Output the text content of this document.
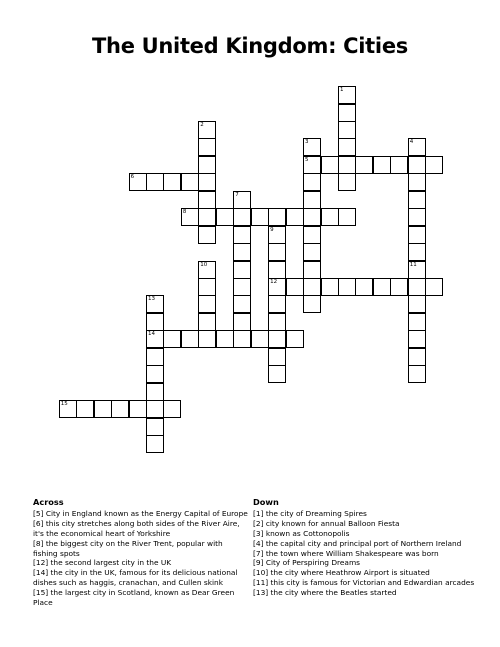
The United Kingdom: Cities
1
2
3
5
4
6
7
8
9
12
10	11
13
14
15
Across

[5] City in England known as the Energy Capital of Europe

[6] this city stretches along both sides of the River Aire, it's the economical heart of Yorkshire

[8] the biggest city on the River Trent, popular with fishing spots

[12] the second largest city in the UK

[14] the city in the UK, famous for its delicious national dishes such as haggis, cranachan, and Cullen skink

[15] the largest city in Scotland, known as Dear Green Place

Down

[1] the city of Dreaming Spires

[2] city known for annual Balloon Fiesta

[3] known as Cottonopolis

[4] the capital city and principal port of Northern Ireland

[7] the town where William Shakespeare was born

[9] City of Perspiring Dreams

[10] the city where Heathrow Airport is situated

[11] this city is famous for Victorian and Edwardian arcades

[13] the city where the Beatles started
